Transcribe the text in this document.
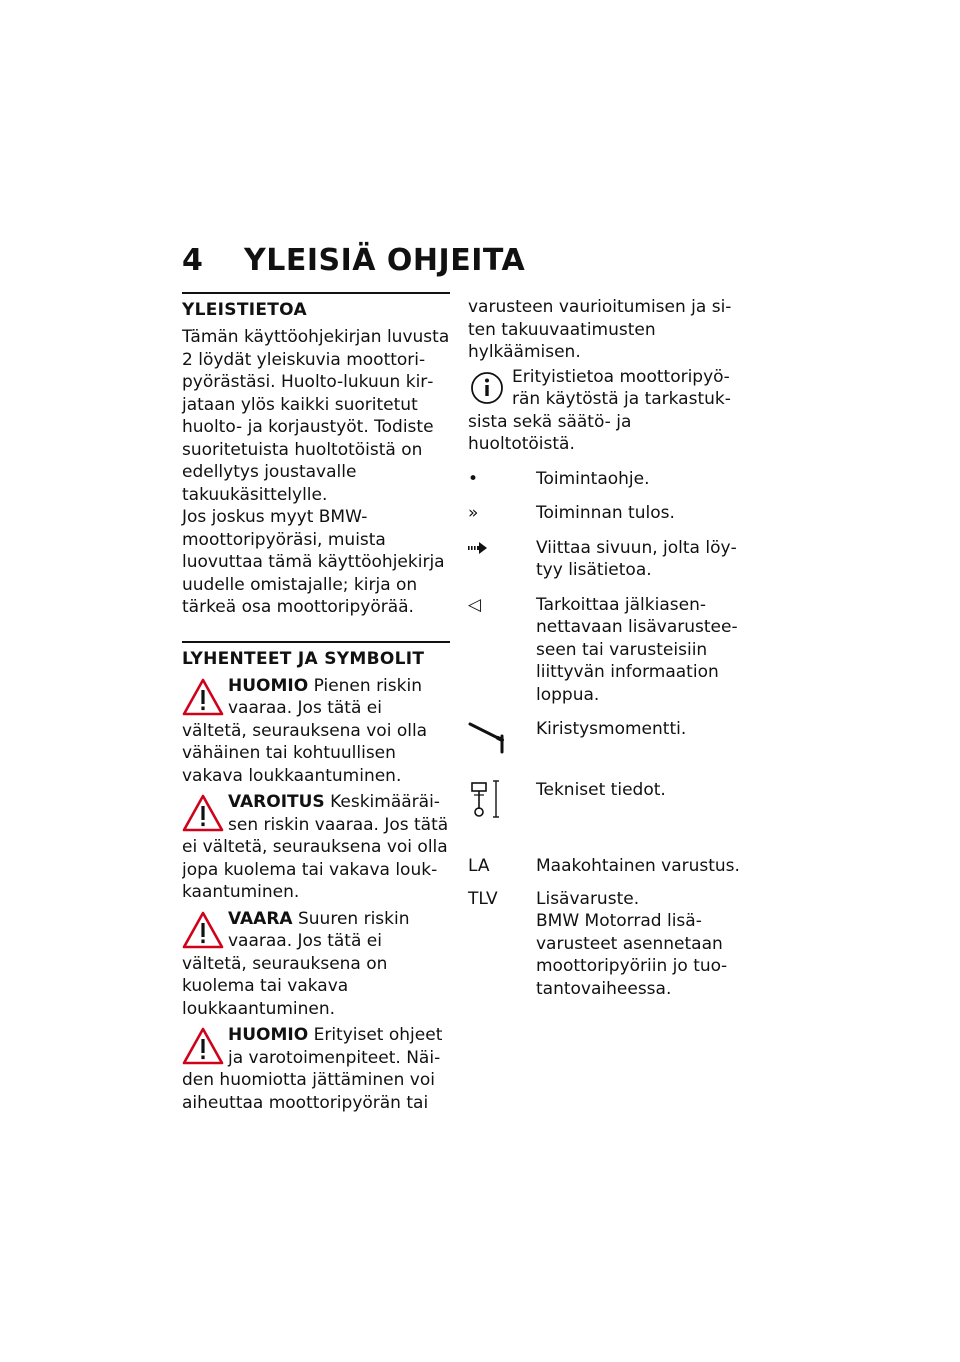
4 YLEISIÄ OHJEITA
YLEISTIETOA

Tämän käyttöohjekirjan luvusta 2 löydät yleiskuvia moottoripyörästäsi. Huolto-lukuun kirjataan ylös kaikki suoritetut huolto- ja korjaustyöt. Todiste suoritetuista huoltotöistä on edellytys joustavalle takuukäsittelylle.

Jos joskus myyt BMW-moottoripyöräsi, muista luovuttaa tämä käyttöohjekirja uudelle omistajalle; kirja on tärkeä osa moottoripyörää.

LYHENTEET JA SYMBOLIT

HUOMIO Pienen riskin vaaraa. Jos tätä ei vältetä, seurauksena voi olla vähäinen tai kohtuullisen vakava loukkaantuminen.

VAROITUS Keskimääräisen riskin vaaraa. Jos tätä ei vältetä, seurauksena voi olla jopa kuolema tai vakava loukkaantuminen.

VAARA Suuren riskin vaaraa. Jos tätä ei vältetä, seurauksena on kuolema tai vakava loukkaantuminen.

HUOMIO Erityiset ohjeet ja varotoimenpiteet. Näiden huomiotta jättäminen voi aiheuttaa moottoripyörän tai

varusteen vaurioitumisen ja siten takuuvaatimusten hylkäämisen.

Erityistietoa moottoripyörän käytöstä ja tarkastuksista sekä säätö- ja huoltotöistä.

•	Toimintaohje.

»	Toiminnan tulos.

Viittaa sivuun, jolta löytyy lisätietoa.

◁	Tarkoittaa jälkiasennettavaan lisävarusteeseen tai varusteisiin liittyvän informaation loppua.

Kiristysmomentti.

Tekniset tiedot.

LA	Maakohtainen varustus.

TLV	Lisävaruste.

BMW Motorrad lisävarusteet asennetaan moottoripyöriin jo tuotantovaiheessa.
